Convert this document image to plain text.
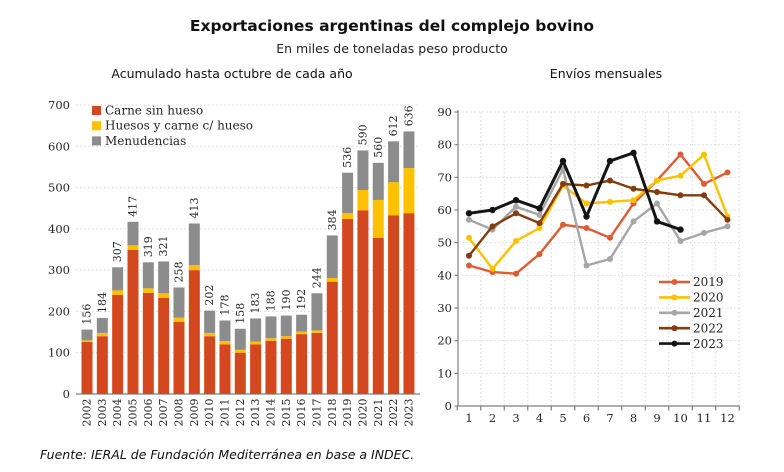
Exportaciones argentinas del complejo bovino
En miles de toneladas peso producto
Acumulado hasta octubre de cada año	Envíos mensuales
0
100
200
300
400
500
600
700
156
2002
184
2003
307
2004
417
2005
319
2006
321
2007
258
2008
413
2009
202
2010
178
2011
158
2012
183
2013
188
2014
190
2015
192
2016
244
2017
384
2018
536
2019
590
2020
560
2021
612
2022
636
2023
Carne sin hueso
Huesos y carne c/ hueso
Menudencias
0
10
20
30
40
50
60
70
80
90
1 2 3 4 5 6 7 8 9 10 11 12
2019
2020
2021
2022
2023
Fuente: IERAL de Fundación Mediterránea en base a INDEC.
